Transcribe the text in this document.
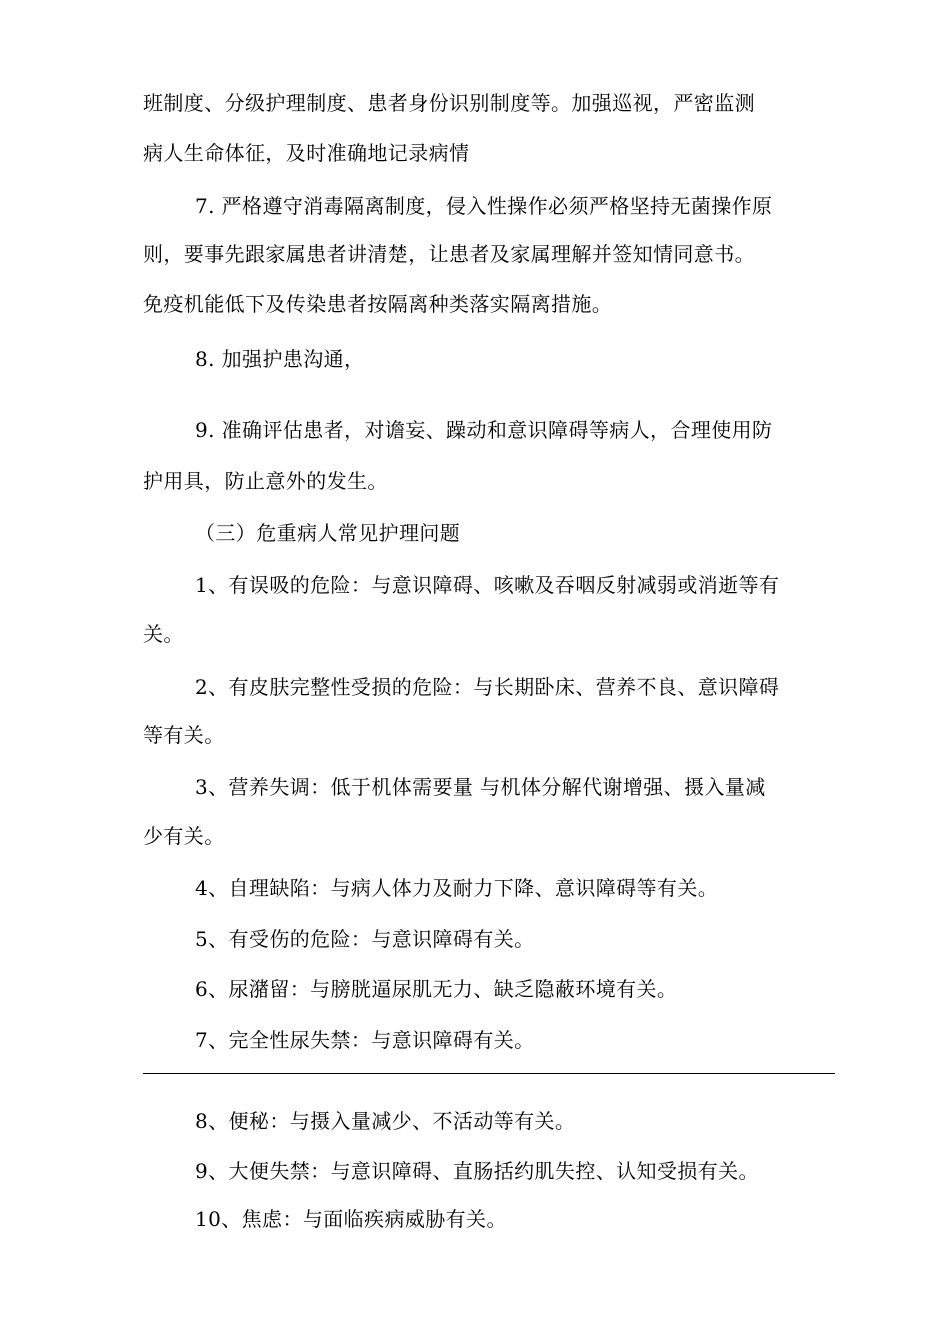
班制度、分级护理制度、患者身份识别制度等。加强巡视，严密监测
病人生命体征，及时准确地记录病情
7. 严格遵守消毒隔离制度，侵入性操作必须严格坚持无菌操作原
则，要事先跟家属患者讲清楚，让患者及家属理解并签知情同意书。
免疫机能低下及传染患者按隔离种类落实隔离措施。
8. 加强护患沟通，
9. 准确评估患者，对谵妄、躁动和意识障碍等病人，合理使用防
护用具，防止意外的发生。
（三）危重病人常见护理问题
1、有误吸的危险：与意识障碍、咳嗽及吞咽反射减弱或消逝等有
关。
2、有皮肤完整性受损的危险：与长期卧床、营养不良、意识障碍
等有关。
3、营养失调：低于机体需要量 与机体分解代谢增强、摄入量减
少有关。
4、自理缺陷：与病人体力及耐力下降、意识障碍等有关。
5、有受伤的危险：与意识障碍有关。
6、尿潴留：与膀胱逼尿肌无力、缺乏隐蔽环境有关。
7、完全性尿失禁：与意识障碍有关。
8、便秘：与摄入量减少、不活动等有关。
9、大便失禁：与意识障碍、直肠括约肌失控、认知受损有关。
10、焦虑：与面临疾病威胁有关。
